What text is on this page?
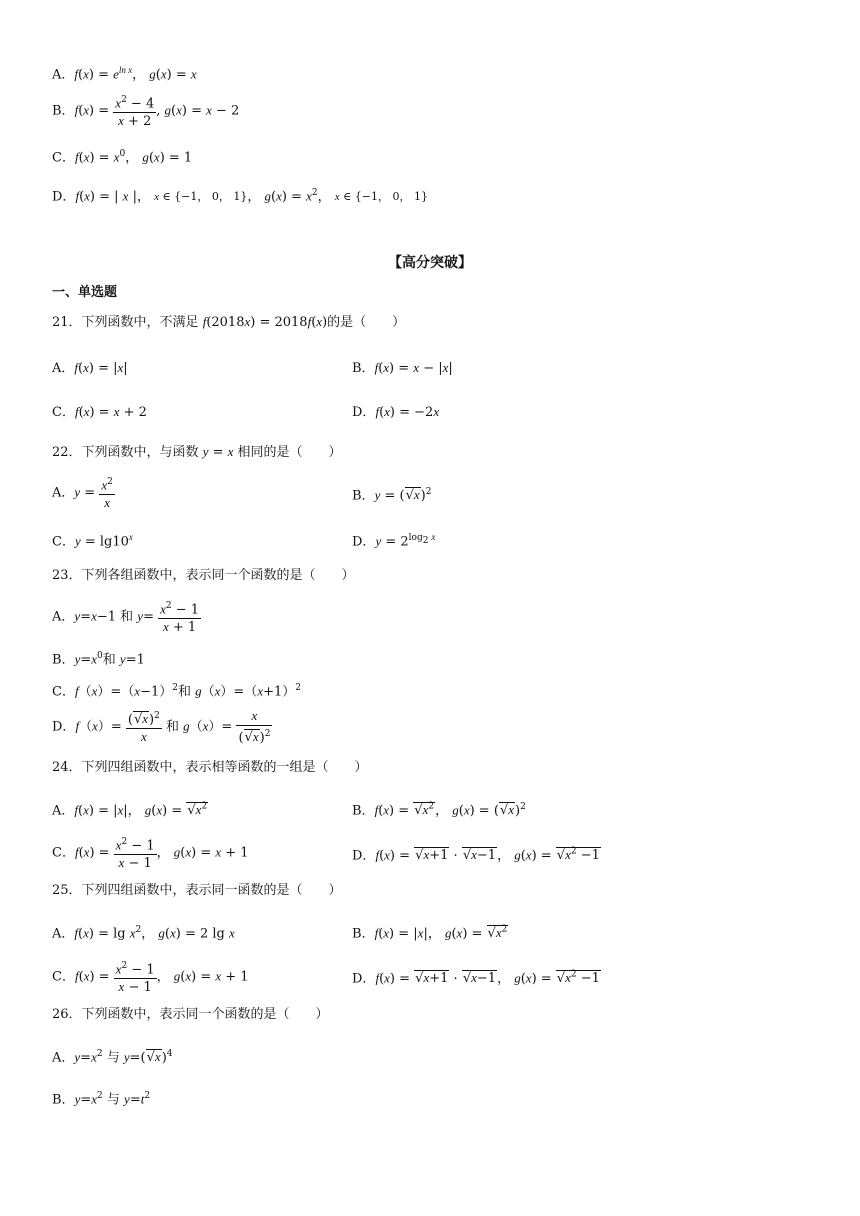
A．$f(x) = e^{ln x}$， g(x) = x
B．$f(x) = \frac{x^2 - 4}{x + 2}$ , g(x) = x − 2
C．$f(x) = x^0$， g(x) = 1
D．f(x) = | x |， x ∈ {−1， 0， 1}， $g(x) = x^2$， x ∈ {−1， 0， 1}
【高分突破】
一、单选题
21．下列函数中，不满足 f(2018x) = 2018f(x)的是（　　）
A．f(x) = |x|	B．f(x) = x − |x|
C．f(x) = x + 2	D．f(x) = −2x
22．下列函数中，与函数 y = x 相同的是（　　）
A．$y = \frac{x^2}{x}$	B．$y = (√x)^2$
C．$y = \lg 10^x$	D．$y = 2^{log_2 x}$
23．下列各组函数中，表示同一个函数的是（　　）
A．y=x−1 和 $y= \frac{x^2 - 1}{x + 1}$
B．$y=x^0$和 y=1
C．$f(x)=(x-1)^2$和 $g(x)=(x+1)^2$
D．$f(x)= \frac{(√x)^2}{x}$ 和 $g(x)= \frac{x}{(√x)^2}$
24．下列四组函数中，表示相等函数的一组是（　　）
A．f(x) = |x|， $g(x) = √x^2$	B．$f(x) = √x^2$， $g(x) = (√x)^2$
C．$f(x) = \frac{x^2 - 1}{x - 1}$ ， g(x) = x + 1	D．f(x) = √x+1 · √x−1， $g(x) = √x^2 -1$
25．下列四组函数中，表示同一函数的是（　　）
A．$f(x) = \lg x^2$， g(x) = 2 lg x	B．f(x) = |x|， $g(x) = √x^2$
C．$f(x) = \frac{x^2 - 1}{x - 1}$ ， g(x) = x + 1	D．f(x) = √x+1 · √x−1， $g(x) = √x^2 -1$
26．下列函数中，表示同一个函数的是（　　）
A．$y=x^2$ 与 $y=(√x)^4$
B．$y=x^2$ 与 $y=t^2$
